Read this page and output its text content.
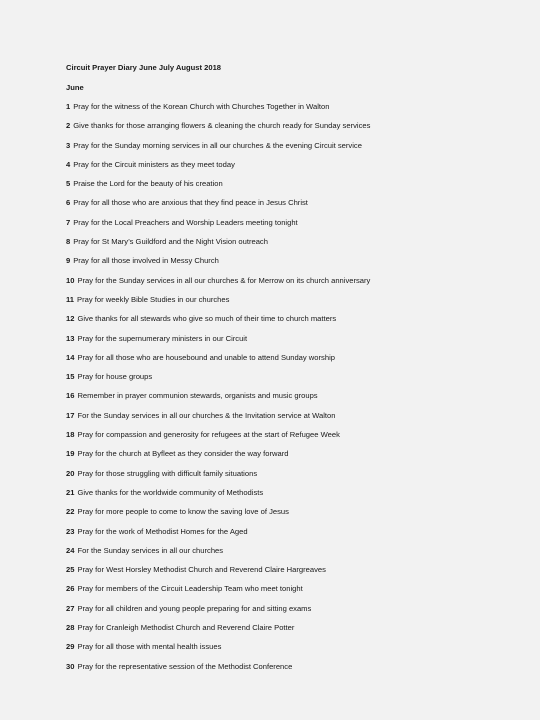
Circuit Prayer Diary June July August 2018
June
1 Pray for the witness of the Korean Church with Churches Together in Walton
2 Give thanks for those arranging flowers & cleaning the church ready for Sunday services
3 Pray for the Sunday morning services in all our churches & the evening Circuit service
4 Pray for the Circuit ministers as they meet today
5 Praise the Lord for the beauty of his creation
6 Pray for all those who are anxious that they find peace in Jesus Christ
7 Pray for the Local Preachers and Worship Leaders meeting tonight
8 Pray for St Mary’s Guildford and the Night Vision outreach
9 Pray for all those involved in Messy Church
10 Pray for the Sunday services in all our churches & for Merrow on its church anniversary
11 Pray for weekly Bible Studies in our churches
12 Give thanks for all stewards who give so much of their time to church matters
13 Pray for the supernumerary ministers in our Circuit
14 Pray for all those who are housebound and unable to attend Sunday worship
15 Pray for house groups
16 Remember in prayer communion stewards, organists and music groups
17 For the Sunday services in all our churches & the Invitation service at Walton
18 Pray for compassion and generosity for refugees at the start of Refugee Week
19 Pray for the church at Byfleet as they consider the way forward
20 Pray for those struggling with difficult family situations
21 Give thanks for the worldwide community of Methodists
22 Pray for more people to come to know the saving love of Jesus
23 Pray for the work of Methodist Homes for the Aged
24 For the Sunday services in all our churches
25 Pray for West Horsley Methodist Church and Reverend Claire Hargreaves
26 Pray for members of the Circuit Leadership Team who meet tonight
27 Pray for all children and young people preparing for and sitting exams
28 Pray for Cranleigh Methodist Church and Reverend Claire Potter
29 Pray for all those with mental health issues
30 Pray for the representative session of the Methodist Conference
